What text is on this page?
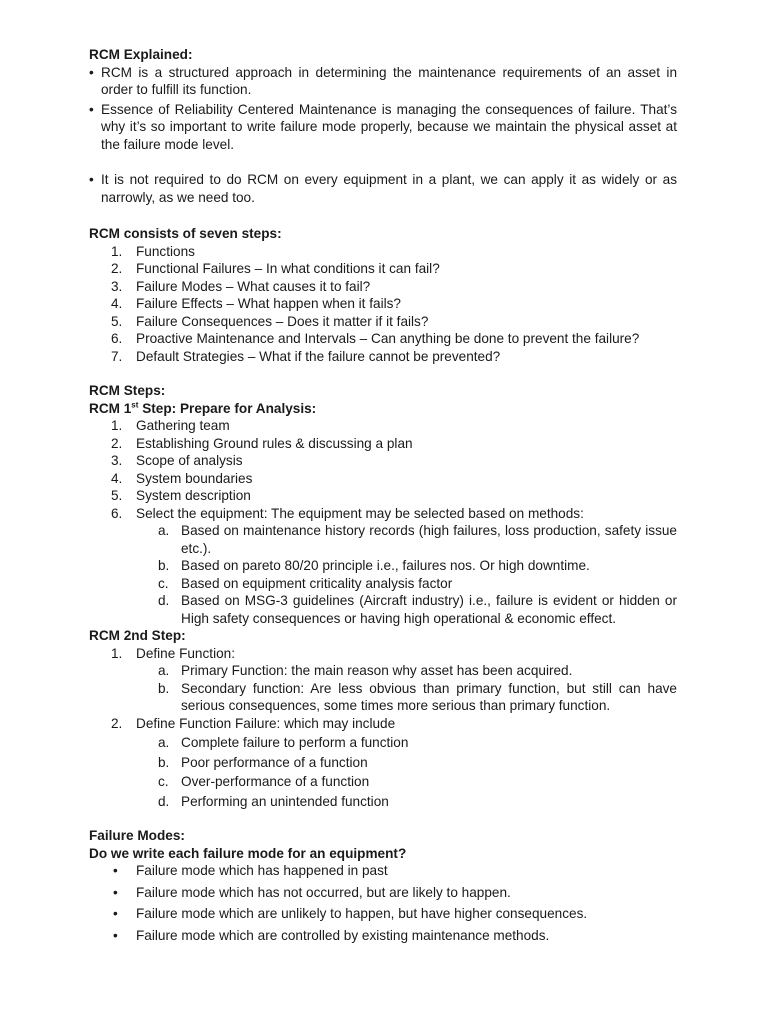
RCM Explained:

• RCM is a structured approach in determining the maintenance requirements of an asset in order to fulfill its function.
• Essence of Reliability Centered Maintenance is managing the consequences of failure. That’s why it’s so important to write failure mode properly, because we maintain the physical asset at the failure mode level.
• It is not required to do RCM on every equipment in a plant, we can apply it as widely or as narrowly, as we need too.

RCM consists of seven steps:

1. Functions
2. Functional Failures – In what conditions it can fail?
3. Failure Modes – What causes it to fail?
4. Failure Effects – What happen when it fails?
5. Failure Consequences – Does it matter if it fails?
6. Proactive Maintenance and Intervals – Can anything be done to prevent the failure?
7. Default Strategies – What if the failure cannot be prevented?

RCM Steps:

RCM 1st Step: Prepare for Analysis:

1. Gathering team
2. Establishing Ground rules & discussing a plan
3. Scope of analysis
4. System boundaries
5. System description
6. Select the equipment: The equipment may be selected based on methods:
a. Based on maintenance history records (high failures, loss production, safety issue etc.).
b. Based on pareto 80/20 principle i.e., failures nos. Or high downtime.
c. Based on equipment criticality analysis factor
d. Based on MSG-3 guidelines (Aircraft industry) i.e., failure is evident or hidden or High safety consequences or having high operational & economic effect.

RCM 2nd Step:

1. Define Function:
a. Primary Function: the main reason why asset has been acquired.
b. Secondary function: Are less obvious than primary function, but still can have serious consequences, some times more serious than primary function.
2. Define Function Failure: which may include
a. Complete failure to perform a function
b. Poor performance of a function
c. Over-performance of a function
d. Performing an unintended function

Failure Modes:

Do we write each failure mode for an equipment?

• Failure mode which has happened in past
• Failure mode which has not occurred, but are likely to happen.
• Failure mode which are unlikely to happen, but have higher consequences.
• Failure mode which are controlled by existing maintenance methods.
